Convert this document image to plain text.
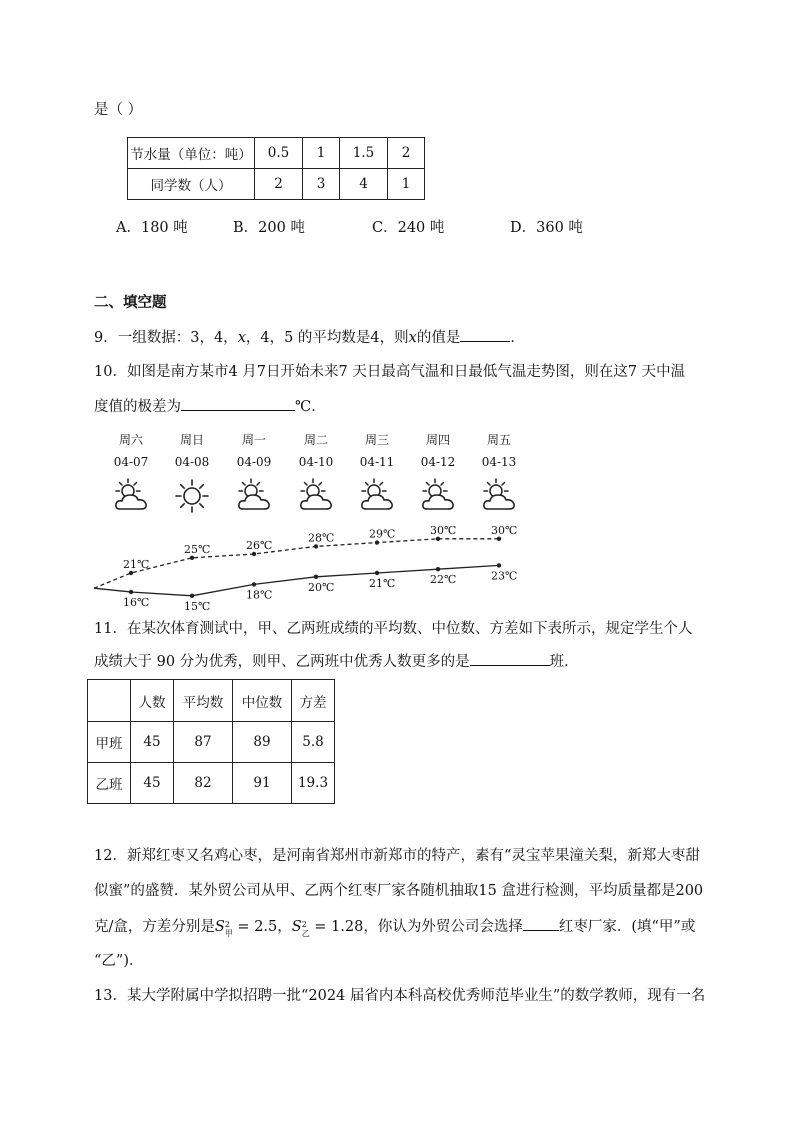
是（ ）
节水量（单位：吨）	0.5	1	1.5	2
同学数（人）	2	3	4	1
A．180 吨	B．200 吨	C．240 吨	D．360 吨
二、填空题
9．一组数据：3，4，x，4，5 的平均数是4，则x的值是	．
10．如图是南方某市4 月7日开始未来7 天日最高气温和日最低气温走势图，则在这7 天中温
度值的极差为	℃．
周六
04-07
周日
04-08
周一
04-09
周二
04-10
周三
04-11
周四
04-12
周五
04-13
21℃
25℃	26℃
28℃	29℃	30℃	30℃
16℃	15℃
18℃
20℃	21℃	22℃	23℃
11．在某次体育测试中，甲、乙两班成绩的平均数、中位数、方差如下表所示，规定学生个人
成绩大于 90 分为优秀，则甲、乙两班中优秀人数更多的是	班．
	人数	平均数	中位数	方差
甲班	45	87	89	5.8
乙班	45	82	91	19.3
12．新郑红枣又名鸡心枣，是河南省郑州市新郑市的特产，素有“灵宝苹果潼关梨，新郑大枣甜
似蜜”的盛赞．某外贸公司从甲、乙两个红枣厂家各随机抽取15 盒进行检测，平均质量都是200
克/盒，方差分别是S 2
甲 = 2.5，S 2
乙 = 1.28，你认为外贸公司会选择 红枣厂家．(填“甲”或
“乙”)．
13．某大学附属中学拟招聘一批“2024 届省内本科高校优秀师范毕业生”的数学教师，现有一名
